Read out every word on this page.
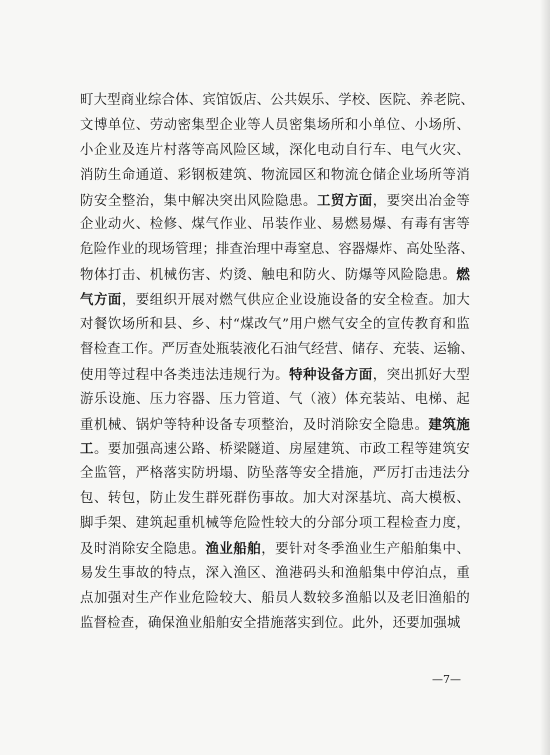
町大型商业综合体、宾馆饭店、公共娱乐、学校、医院、养老院、
文博单位、劳动密集型企业等人员密集场所和小单位、小场所、
小企业及连片村落等高风险区域，深化电动自行车、电气火灾、
消防生命通道、彩钢板建筑、物流园区和物流仓储企业场所等消
防安全整治，集中解决突出风险隐患。工贸方面，要突出冶金等
企业动火、检修、煤气作业、吊装作业、易燃易爆、有毒有害等
危险作业的现场管理；排查治理中毒窒息、容器爆炸、高处坠落、
物体打击、机械伤害、灼烫、触电和防火、防爆等风险隐患。燃
气方面，要组织开展对燃气供应企业设施设备的安全检查。加大
对餐饮场所和县、乡、村“煤改气”用户燃气安全的宣传教育和监
督检查工作。严厉查处瓶装液化石油气经营、储存、充装、运输、
使用等过程中各类违法违规行为。特种设备方面，突出抓好大型
游乐设施、压力容器、压力管道、气（液）体充装站、电梯、起
重机械、锅炉等特种设备专项整治，及时消除安全隐患。建筑施
工。要加强高速公路、桥梁隧道、房屋建筑、市政工程等建筑安
全监管，严格落实防坍塌、防坠落等安全措施，严厉打击违法分
包、转包，防止发生群死群伤事故。加大对深基坑、高大模板、
脚手架、建筑起重机械等危险性较大的分部分项工程检查力度，
及时消除安全隐患。渔业船舶，要针对冬季渔业生产船舶集中、
易发生事故的特点，深入渔区、渔港码头和渔船集中停泊点，重
点加强对生产作业危险较大、船员人数较多渔船以及老旧渔船的
监督检查，确保渔业船舶安全措施落实到位。此外，还要加强城
—7—
